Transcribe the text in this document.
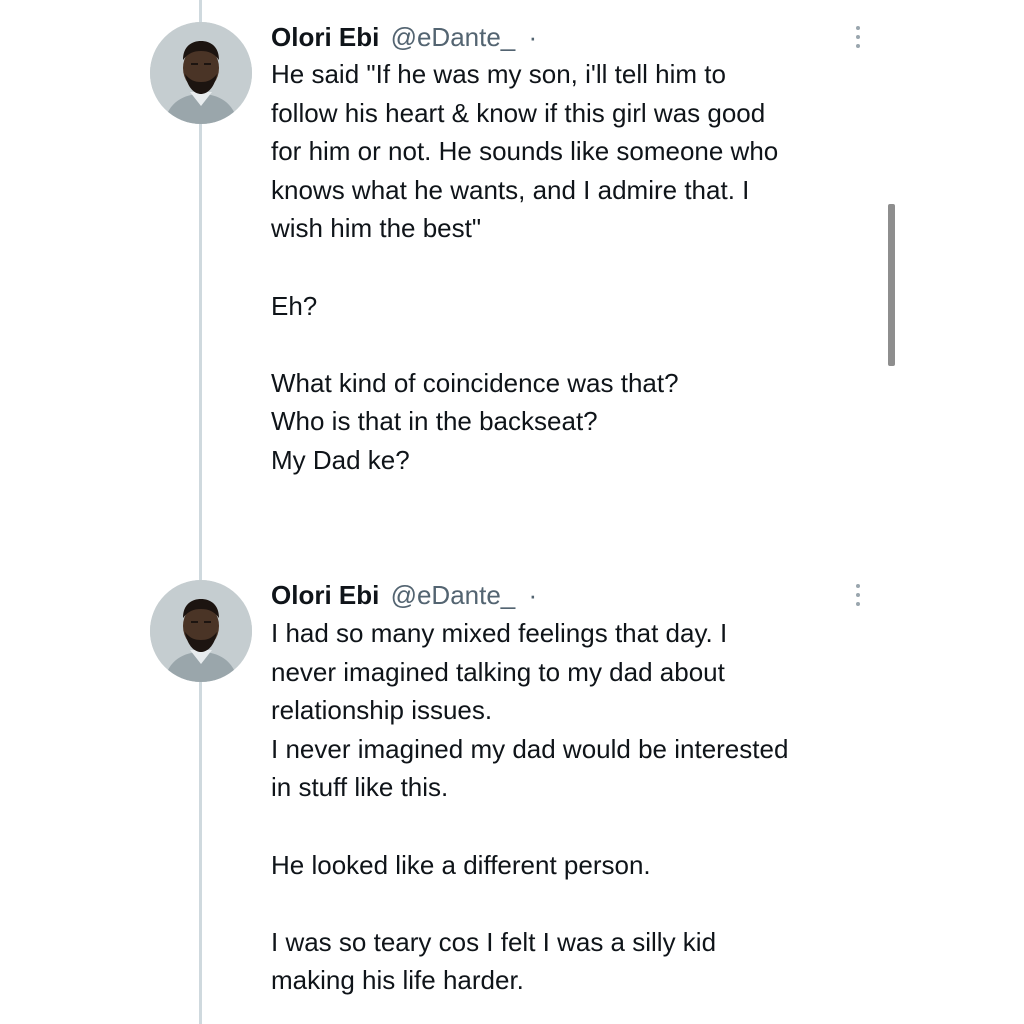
Olori Ebi @eDante_ ·

He said "If he was my son, i'll tell him to

follow his heart & know if this girl was good

for him or not. He sounds like someone who

knows what he wants, and I admire that. I

wish him the best"

Eh?

What kind of coincidence was that?

Who is that in the backseat?

My Dad ke?

Olori Ebi @eDante_ ·

I had so many mixed feelings that day. I

never imagined talking to my dad about

relationship issues.

I never imagined my dad would be interested

in stuff like this.

He looked like a different person.

I was so teary cos I felt I was a silly kid

making his life harder.
